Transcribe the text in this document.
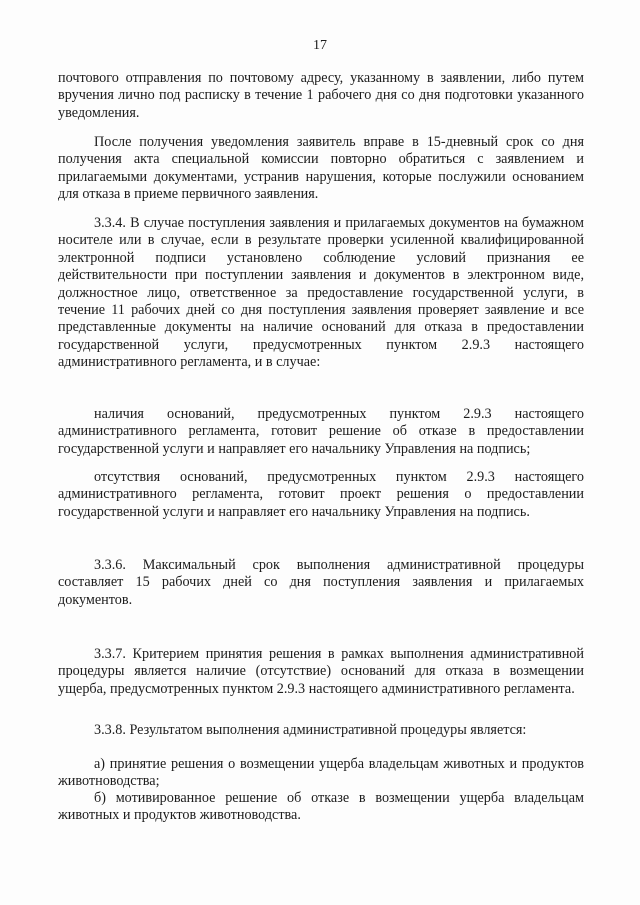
17

почтового отправления по почтовому адресу, указанному в заявлении, либо путем вручения лично под расписку в течение 1 рабочего дня со дня подготовки указанного уведомления.

После получения уведомления заявитель вправе в 15-дневный срок со дня получения акта специальной комиссии повторно обратиться с заявлением и прилагаемыми документами, устранив нарушения, которые послужили основанием для отказа в приеме первичного заявления.

3.3.4. В случае поступления заявления и прилагаемых документов на бумажном носителе или в случае, если в результате проверки усиленной квалифицированной электронной подписи установлено соблюдение условий признания ее действительности при поступлении заявления и документов в электронном виде, должностное лицо, ответственное за предоставление государственной услуги, в течение 11 рабочих дней со дня поступления заявления проверяет заявление и все представленные документы на наличие оснований для отказа в предоставлении государственной услуги, предусмотренных пунктом 2.9.3 настоящего административного регламента, и в случае:

наличия оснований, предусмотренных пунктом 2.9.3 настоящего административного регламента, готовит решение об отказе в предоставлении государственной услуги и направляет его начальнику Управления на подпись;

отсутствия оснований, предусмотренных пунктом 2.9.3 настоящего административного регламента, готовит проект решения о предоставлении государственной услуги и направляет его начальнику Управления на подпись.

3.3.6. Максимальный срок выполнения административной процедуры составляет 15 рабочих дней со дня поступления заявления и прилагаемых документов.

3.3.7. Критерием принятия решения в рамках выполнения административной процедуры является наличие (отсутствие) оснований для отказа в возмещении ущерба, предусмотренных пунктом 2.9.3 настоящего административного регламента.

3.3.8. Результатом выполнения административной процедуры является:

а) принятие решения о возмещении ущерба владельцам животных и продуктов животноводства;

б) мотивированное решение об отказе в возмещении ущерба владельцам животных и продуктов животноводства.
